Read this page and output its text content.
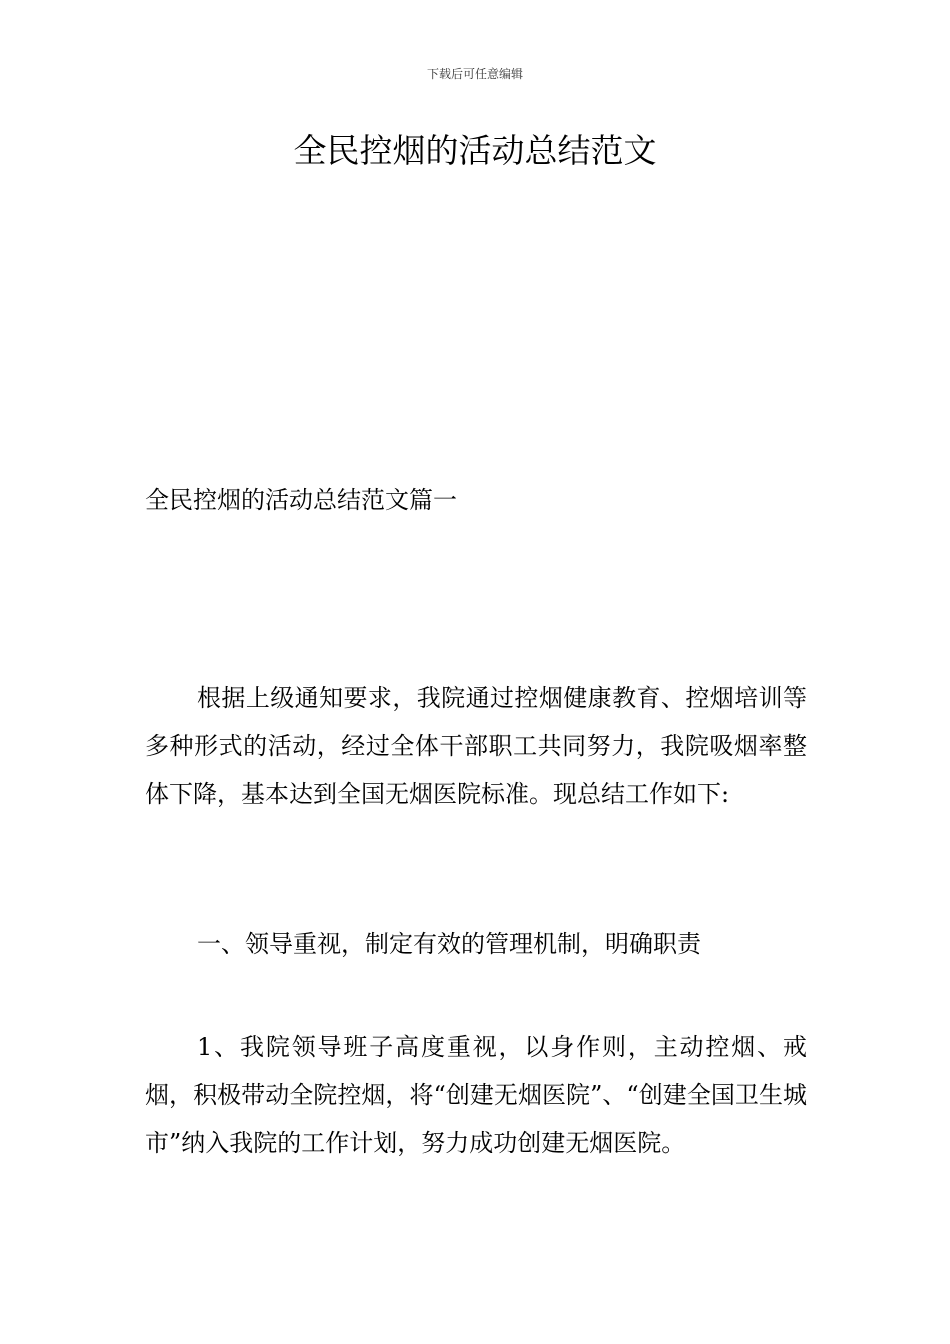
下载后可任意编辑
全民控烟的活动总结范文

全民控烟的活动总结范文篇一

根据上级通知要求，我院通过控烟健康教育、控烟培训等多种形式的活动，经过全体干部职工共同努力，我院吸烟率整体下降，基本达到全国无烟医院标准。现总结工作如下:

一、领导重视，制定有效的管理机制，明确职责

1、我院领导班子高度重视，以身作则，主动控烟、戒烟，积极带动全院控烟，将“创建无烟医院”、“创建全国卫生城市”纳入我院的工作计划，努力成功创建无烟医院。
